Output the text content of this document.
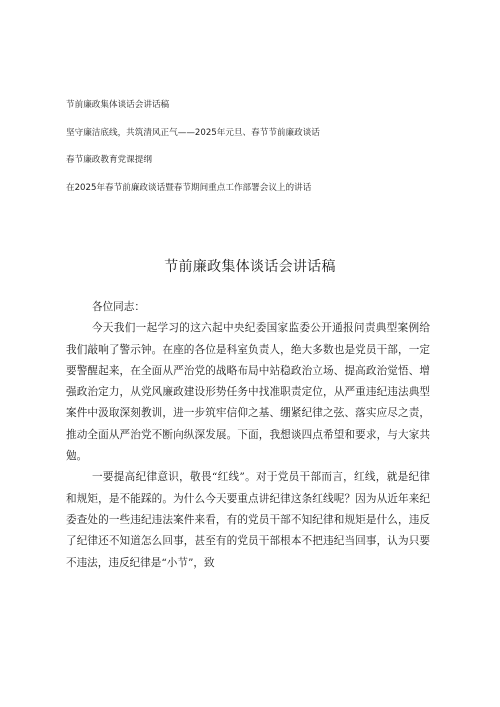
节前廉政集体谈话会讲话稿
坚守廉洁底线，共筑清风正气——2025年元旦、春节节前廉政谈话
春节廉政教育党课提纲
在2025年春节前廉政谈话暨春节期间重点工作部署会议上的讲话
节前廉政集体谈话会讲话稿

各位同志：

今天我们一起学习的这六起中央纪委国家监委公开通报问责典型案例给我们敲响了警示钟。在座的各位是科室负责人，绝大多数也是党员干部，一定要警醒起来，在全面从严治党的战略布局中站稳政治立场、提高政治觉悟、增强政治定力，从党风廉政建设形势任务中找准职责定位，从严重违纪违法典型案件中汲取深刻教训，进一步筑牢信仰之基、绷紧纪律之弦、落实应尽之责，推动全面从严治党不断向纵深发展。下面，我想谈四点希望和要求，与大家共勉。

一要提高纪律意识，敬畏“红线”。对于党员干部而言，红线，就是纪律和规矩，是不能踩的。为什么今天要重点讲纪律这条红线呢？因为从近年来纪委查处的一些违纪违法案件来看，有的党员干部不知纪律和规矩是什么，违反了纪律还不知道怎么回事，甚至有的党员干部根本不把违纪当回事，认为只要不违法，违反纪律是“小节”，致
